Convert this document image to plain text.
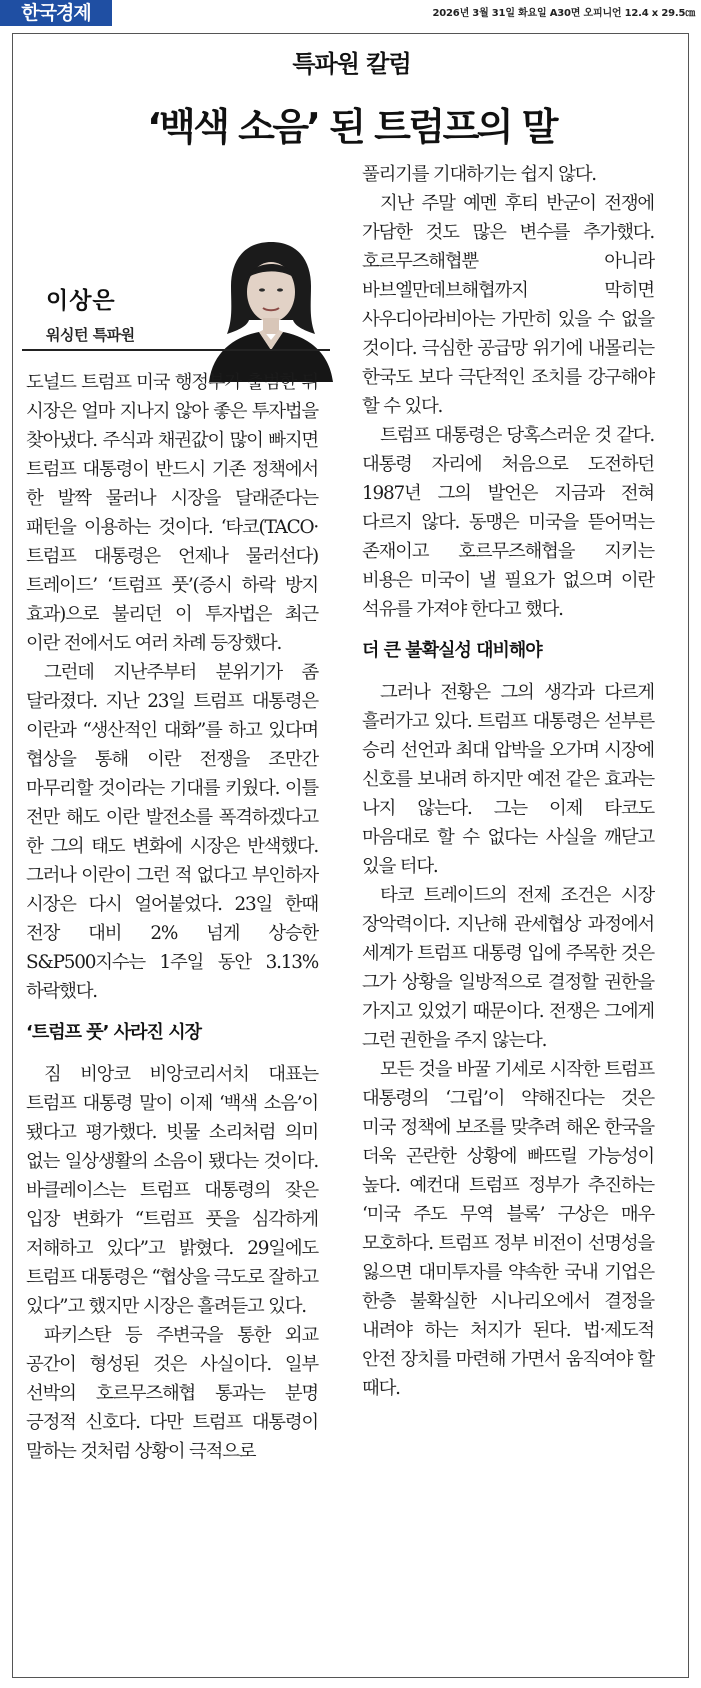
한국경제	2026년 3월 31일 화요일 A30면 오피니언 12.4 x 29.5㎝
특파원 칼럼
‘백색 소음’ 된 트럼프의 말
이상은
워싱턴 특파원

도널드 트럼프 미국 행정부가 출범한 뒤 시장은 얼마 지나지 않아 좋은 투자법을 찾아냈다. 주식과 채권값이 많이 빠지면 트럼프 대통령이 반드시 기존 정책에서 한 발짝 물러나 시장을 달래준다는 패턴을 이용하는 것이다. ‘타코(TACO·트럼프 대통령은 언제나 물러선다) 트레이드’ ‘트럼프 풋’(증시 하락 방지 효과)으로 불리던 이 투자법은 최근 이란 전에서도 여러 차례 등장했다.

그런데 지난주부터 분위기가 좀 달라졌다. 지난 23일 트럼프 대통령은 이란과 “생산적인 대화”를 하고 있다며 협상을 통해 이란 전쟁을 조만간 마무리할 것이라는 기대를 키웠다. 이틀 전만 해도 이란 발전소를 폭격하겠다고 한 그의 태도 변화에 시장은 반색했다. 그러나 이란이 그런 적 없다고 부인하자 시장은 다시 얼어붙었다. 23일 한때 전장 대비 2% 넘게 상승한 S&P500지수는 1주일 동안 3.13% 하락했다.

‘트럼프 풋’ 사라진 시장

짐 비앙코 비앙코리서치 대표는 트럼프 대통령 말이 이제 ‘백색 소음’이 됐다고 평가했다. 빗물 소리처럼 의미 없는 일상생활의 소음이 됐다는 것이다. 바클레이스는 트럼프 대통령의 잦은 입장 변화가 “트럼프 풋을 심각하게 저해하고 있다”고 밝혔다. 29일에도 트럼프 대통령은 “협상을 극도로 잘하고 있다”고 했지만 시장은 흘려듣고 있다.

파키스탄 등 주변국을 통한 외교 공간이 형성된 것은 사실이다. 일부 선박의 호르무즈해협 통과는 분명 긍정적 신호다. 다만 트럼프 대통령이 말하는 것처럼 상황이 극적으로

풀리기를 기대하기는 쉽지 않다.

지난 주말 예멘 후티 반군이 전쟁에 가담한 것도 많은 변수를 추가했다. 호르무즈해협뿐 아니라 바브엘만데브해협까지 막히면 사우디아라비아는 가만히 있을 수 없을 것이다. 극심한 공급망 위기에 내몰리는 한국도 보다 극단적인 조치를 강구해야 할 수 있다.

트럼프 대통령은 당혹스러운 것 같다. 대통령 자리에 처음으로 도전하던 1987년 그의 발언은 지금과 전혀 다르지 않다. 동맹은 미국을 뜯어먹는 존재이고 호르무즈해협을 지키는 비용은 미국이 낼 필요가 없으며 이란 석유를 가져야 한다고 했다.

더 큰 불확실성 대비해야

그러나 전황은 그의 생각과 다르게 흘러가고 있다. 트럼프 대통령은 섣부른 승리 선언과 최대 압박을 오가며 시장에 신호를 보내려 하지만 예전 같은 효과는 나지 않는다. 그는 이제 타코도 마음대로 할 수 없다는 사실을 깨닫고 있을 터다.

타코 트레이드의 전제 조건은 시장 장악력이다. 지난해 관세협상 과정에서 세계가 트럼프 대통령 입에 주목한 것은 그가 상황을 일방적으로 결정할 권한을 가지고 있었기 때문이다. 전쟁은 그에게 그런 권한을 주지 않는다.

모든 것을 바꿀 기세로 시작한 트럼프 대통령의 ‘그립’이 약해진다는 것은 미국 정책에 보조를 맞추려 해온 한국을 더욱 곤란한 상황에 빠뜨릴 가능성이 높다. 예컨대 트럼프 정부가 추진하는 ‘미국 주도 무역 블록’ 구상은 매우 모호하다. 트럼프 정부 비전이 선명성을 잃으면 대미투자를 약속한 국내 기업은 한층 불확실한 시나리오에서 결정을 내려야 하는 처지가 된다. 법·제도적 안전 장치를 마련해 가면서 움직여야 할 때다.
